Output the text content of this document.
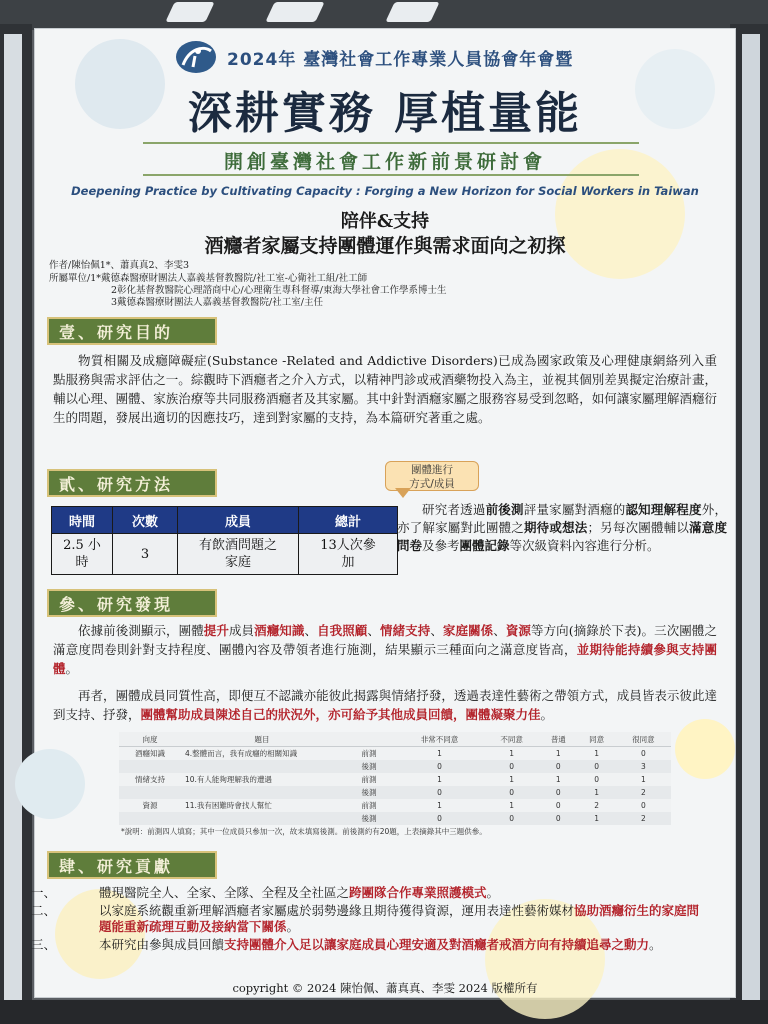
2024年 臺灣社會工作專業人員協會年會暨
深耕實務 厚植量能
開創臺灣社會工作新前景研討會
Deepening Practice by Cultivating Capacity : Forging a New Horizon for Social Workers in Taiwan
陪伴&支持
酒癮者家屬支持團體運作與需求面向之初探
作者/陳怡佩1*、蕭真真2、李雯3
所屬單位/1*戴德森醫療財團法人嘉義基督教醫院/社工室-心衛社工組/社工師
2彰化基督教醫院心理諮商中心/心理衛生專科督導/東海大學社會工作學系博士生
3戴德森醫療財團法人嘉義基督教醫院/社工室/主任
壹、研究目的

物質相關及成癮障礙症(Substance -Related and Addictive Disorders)已成為國家政策及心理健康網絡列入重點服務與需求評估之一。綜觀時下酒癮者之介入方式，以精神門診或戒酒藥物投入為主，並視其個別差異擬定治療計畫，輔以心理、團體、家族治療等共同服務酒癮者及其家屬。其中針對酒癮家屬之服務容易受到忽略，如何讓家屬理解酒癮衍生的問題，發展出適切的因應技巧，達到對家屬的支持，為本篇研究著重之處。

貳、研究方法
團體進行
方式/成員
時間	次數	成員	總計
2.5 小時	3	有飲酒問題之家庭	13人次參加

研究者透過前後測評量家屬對酒癮的認知理解程度外，亦了解家屬對此團體之期待或想法；另每次團體輔以滿意度問卷及參考團體記錄等次級資料內容進行分析。

參、研究發現

依據前後測顯示，團體提升成員酒癮知識、自我照顧、情緒支持、家庭關係、資源等方向(摘錄於下表)。三次團體之滿意度問卷則針對支持程度、團體內容及帶領者進行施測，結果顯示三種面向之滿意度皆高，並期待能持續參與支持團體。

再者，團體成員同質性高，即便互不認識亦能彼此揭露與情緒抒發，透過表達性藝術之帶領方式，成員皆表示彼此達到支持、抒發，團體幫助成員陳述自己的狀況外，亦可給予其他成員回饋，團體凝聚力佳。

向度	題目		非常不同意	不同意	普通	同意	很同意
酒癮知識	4.整體而言，我有成癮的相關知識	前測	1	1	1	1	0
		後測	0	0	0	0	3
情緒支持	10.有人能夠理解我的遭遇	前測	1	1	1	0	1
		後測	0	0	0	1	2
資源	11.我有困難時會找人幫忙	前測	1	1	0	2	0
		後測	0	0	0	1	2
*說明：前測四人填寫；其中一位成員只參加一次，故未填寫後測。前後測約有20題，上表摘錄其中三題供參。
肆、研究貢獻
一、	體現醫院全人、全家、全隊、全程及全社區之跨團隊合作專業照護模式。
二、	以家庭系統觀重新理解酒癮者家屬處於弱勢邊緣且期待獲得資源，運用表達性藝術媒材協助酒癮衍生的家庭問題能重新疏理互動及接納當下關係。
三、	本研究由參與成員回饋支持團體介入足以讓家庭成員心理安適及對酒癮者戒酒方向有持續追尋之動力。
copyright © 2024 陳怡佩、蕭真真、李雯 2024 版權所有
